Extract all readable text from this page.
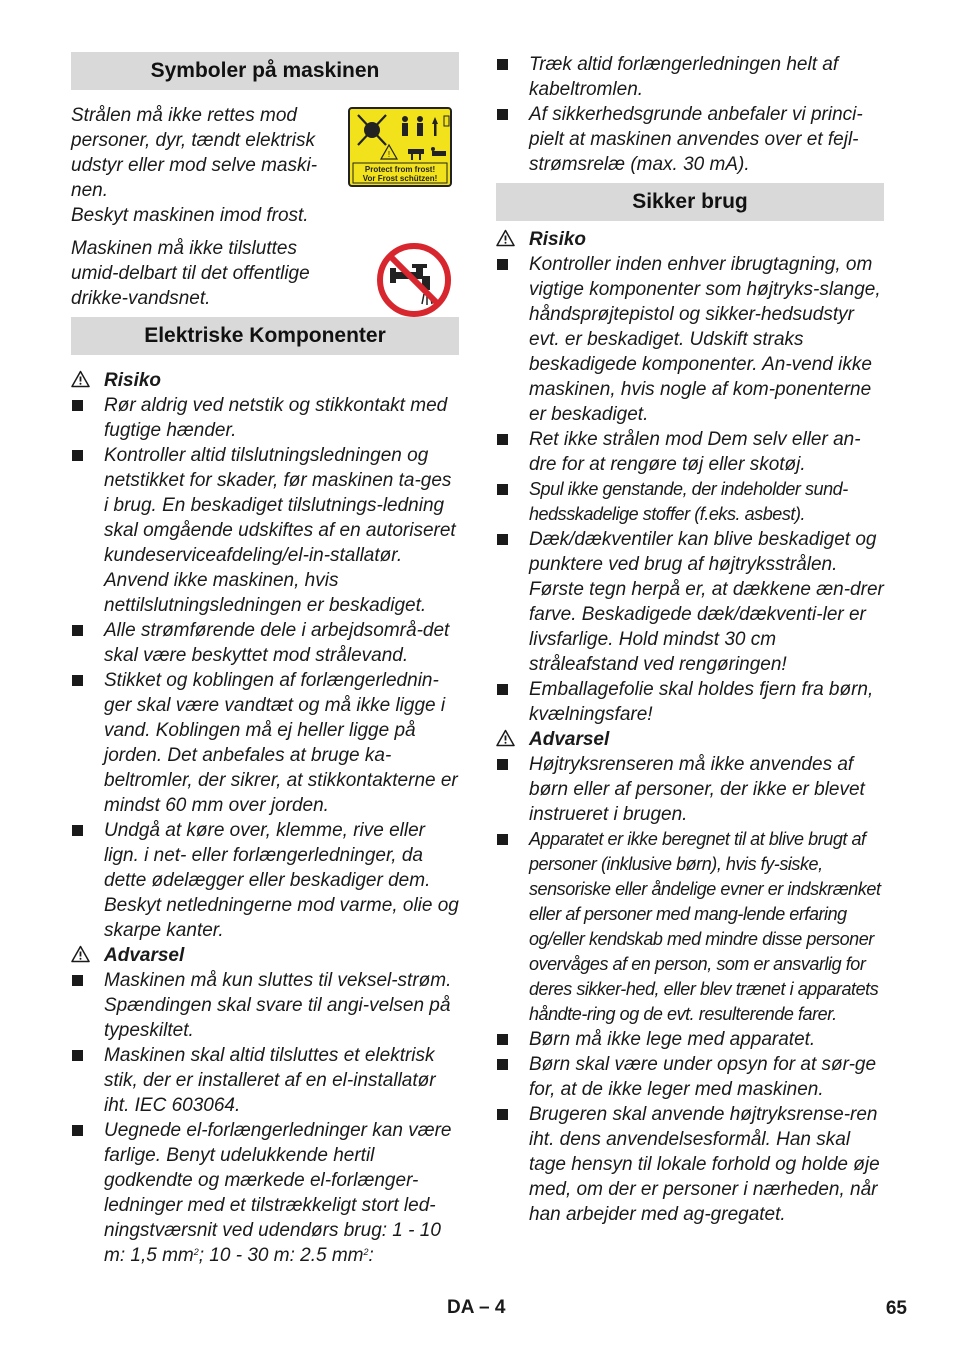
Symboler på maskinen
Strålen må ikke rettes mod personer, dyr, tændt elektrisk udstyr eller mod selve maski-nen.
Beskyt maskinen imod frost.
!
Protect from frost!
Vor Frost schützen!
Maskinen må ikke tilsluttes umid-delbart til det offentlige drikke-vandsnet.
Elektriske Komponenter
Risiko
Rør aldrig ved netstik og stikkontakt med fugtige hænder.
Kontroller altid tilslutningsledningen og netstikket for skader, før maskinen ta-ges i brug. En beskadiget tilslutnings-ledning skal omgående udskiftes af en autoriseret kundeserviceafdeling/el-in-stallatør. Anvend ikke maskinen, hvis nettilslutningsledningen er beskadiget.
Alle strømførende dele i arbejdsområ-det skal være beskyttet mod strålevand.
Stikket og koblingen af forlængerlednin-ger skal være vandtæt og må ikke ligge i vand. Koblingen må ej heller ligge på jorden. Det anbefales at bruge ka-beltromler, der sikrer, at stikkontakterne er mindst 60 mm over jorden.
Undgå at køre over, klemme, rive eller lign. i net- eller forlængerledninger, da dette ødelægger eller beskadiger dem. Beskyt netledningerne mod varme, olie og skarpe kanter.
Advarsel
Maskinen må kun sluttes til veksel-strøm. Spændingen skal svare til angi-velsen på typeskiltet.
Maskinen skal altid tilsluttes et elektrisk stik, der er installeret af en el-installatør iht. IEC 603064.
Uegnede el-forlængerledninger kan være farlige. Benyt udelukkende hertil godkendte og mærkede el-forlænger-ledninger med et tilstrækkeligt stort led-ningstværsnit ved udendørs brug: 1 - 10 m: 1,5 $mm^2$; 10 - 30 m: 2.5 $mm^2$:
Træk altid forlængerledningen helt af kabeltromlen.
Af sikkerhedsgrunde anbefaler vi princi-pielt at maskinen anvendes over et fejl-strømsrelæ (max. 30 mA).
Sikker brug
Risiko
Kontroller inden enhver ibrugtagning, om vigtige komponenter som højtryks-slange, håndsprøjtepistol og sikker-hedsudstyr evt. er beskadiget. Udskift straks beskadigede komponenter. An-vend ikke maskinen, hvis nogle af kom-ponenterne er beskadiget.
Ret ikke strålen mod Dem selv eller an-dre for at rengøre tøj eller skotøj.
Spul ikke genstande, der indeholder sund-hedsskadelige stoffer (f.eks. asbest).
Dæk/dækventiler kan blive beskadiget og punktere ved brug af højtryksstrålen. Første tegn herpå er, at dækkene æn-drer farve. Beskadigede dæk/dækventi-ler er livsfarlige. Hold mindst 30 cm stråleafstand ved rengøringen!
Emballagefolie skal holdes fjern fra børn, kvælningsfare!
Advarsel
Højtryksrenseren må ikke anvendes af børn eller af personer, der ikke er blevet instrueret i brugen.
Apparatet er ikke beregnet til at blive brugt af personer (inklusive børn), hvis fy-siske, sensoriske eller åndelige evner er indskrænket eller af personer med mang-lende erfaring og/eller kendskab med mindre disse personer overvåges af en person, som er ansvarlig for deres sikker-hed, eller blev trænet i apparatets håndte-ring og de evt. resulterende farer.
Børn må ikke lege med apparatet.
Børn skal være under opsyn for at sør-ge for, at de ikke leger med maskinen.
Brugeren skal anvende højtryksrense-ren iht. dens anvendelsesformål. Han skal tage hensyn til lokale forhold og holde øje med, om der er personer i nærheden, når han arbejder med ag-gregatet.
DA – 4	65
